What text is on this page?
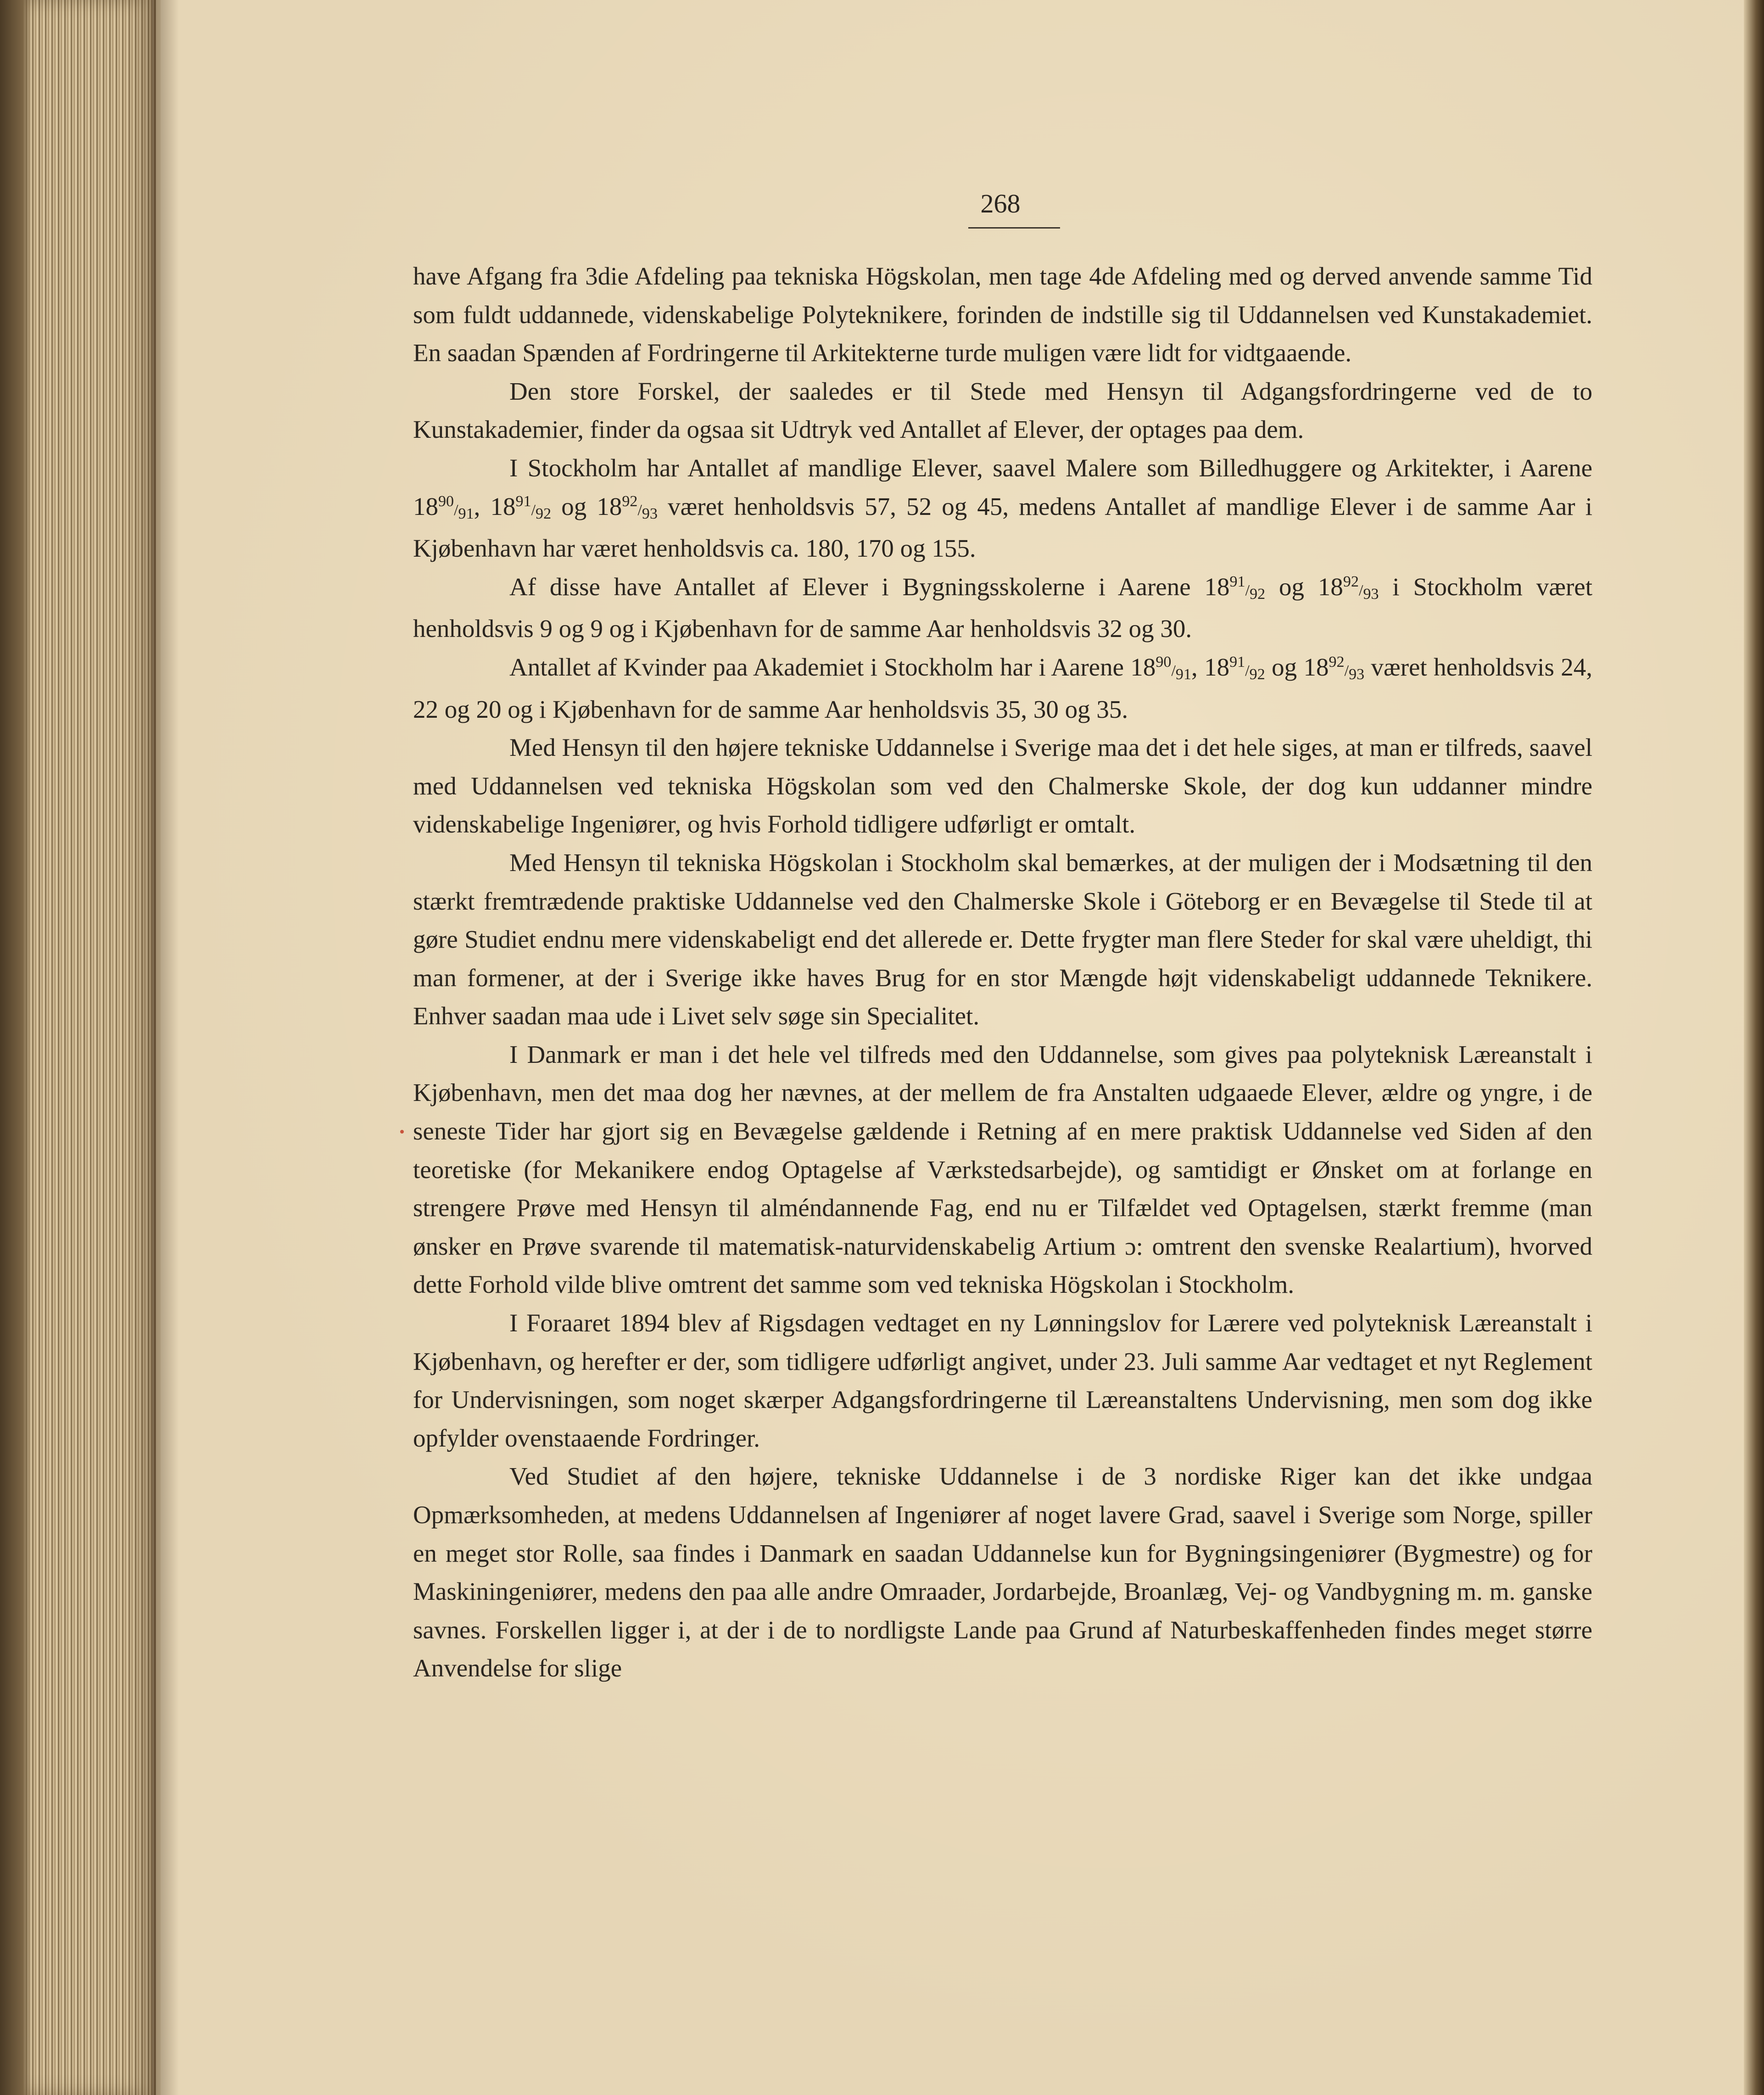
268

have Afgang fra 3die Afdeling paa tekniska Högskolan, men tage 4de Afdeling med og derved anvende samme Tid som fuldt uddannede, videnskabelige Polyteknikere, forinden de indstille sig til Uddannelsen ved Kunstakademiet. En saadan Spænden af Fordringerne til Arkitekterne turde muligen være lidt for vidtgaaende.

Den store Forskel, der saaledes er til Stede med Hensyn til Adgangsfordringerne ved de to Kunstakademier, finder da ogsaa sit Udtryk ved Antallet af Elever, der optages paa dem.

I Stockholm har Antallet af mandlige Elever, saavel Malere som Billedhuggere og Arkitekter, i Aarene 1890/91, 1891/92 og 1892/93 været henholdsvis 57, 52 og 45, medens Antallet af mandlige Elever i de samme Aar i Kjøbenhavn har været henholdsvis ca. 180, 170 og 155.

Af disse have Antallet af Elever i Bygningsskolerne i Aarene 1891/92 og 1892/93 i Stockholm været henholdsvis 9 og 9 og i Kjøbenhavn for de samme Aar henholdsvis 32 og 30.

Antallet af Kvinder paa Akademiet i Stockholm har i Aarene 1890/91, 1891/92 og 1892/93 været henholdsvis 24, 22 og 20 og i Kjøbenhavn for de samme Aar henholdsvis 35, 30 og 35.

Med Hensyn til den højere tekniske Uddannelse i Sverige maa det i det hele siges, at man er tilfreds, saavel med Uddannelsen ved tekniska Högskolan som ved den Chalmerske Skole, der dog kun uddanner mindre videnskabelige Ingeniører, og hvis Forhold tidligere udførligt er omtalt.

Med Hensyn til tekniska Högskolan i Stockholm skal bemærkes, at der muligen der i Modsætning til den stærkt fremtrædende praktiske Uddannelse ved den Chalmerske Skole i Göteborg er en Bevægelse til Stede til at gøre Studiet endnu mere videnskabeligt end det allerede er. Dette frygter man flere Steder for skal være uheldigt, thi man formener, at der i Sverige ikke haves Brug for en stor Mængde højt videnskabeligt uddannede Teknikere. Enhver saadan maa ude i Livet selv søge sin Specialitet.

I Danmark er man i det hele vel tilfreds med den Uddannelse, som gives paa polyteknisk Læreanstalt i Kjøbenhavn, men det maa dog her nævnes, at der mellem de fra Anstalten udgaaede Elever, ældre og yngre, i de seneste Tider har gjort sig en Bevægelse gældende i Retning af en mere praktisk Uddannelse ved Siden af den teoretiske (for Mekanikere endog Optagelse af Værkstedsarbejde), og samtidigt er Ønsket om at forlange en strengere Prøve med Hensyn til alméndannende Fag, end nu er Tilfældet ved Optagelsen, stærkt fremme (man ønsker en Prøve svarende til matematisk-naturvidenskabelig Artium ɔ: omtrent den svenske Realartium), hvorved dette Forhold vilde blive omtrent det samme som ved tekniska Högskolan i Stockholm.

I Foraaret 1894 blev af Rigsdagen vedtaget en ny Lønningslov for Lærere ved polyteknisk Læreanstalt i Kjøbenhavn, og herefter er der, som tidligere udførligt angivet, under 23. Juli samme Aar vedtaget et nyt Reglement for Undervisningen, som noget skærper Adgangsfordringerne til Læreanstaltens Undervisning, men som dog ikke opfylder ovenstaaende Fordringer.

Ved Studiet af den højere, tekniske Uddannelse i de 3 nordiske Riger kan det ikke undgaa Opmærksomheden, at medens Uddannelsen af Ingeniører af noget lavere Grad, saavel i Sverige som Norge, spiller en meget stor Rolle, saa findes i Danmark en saadan Uddannelse kun for Bygningsingeniører (Bygmestre) og for Maskiningeniører, medens den paa alle andre Omraader, Jordarbejde, Broanlæg, Vej- og Vandbygning m. m. ganske savnes. Forskellen ligger i, at der i de to nordligste Lande paa Grund af Naturbeskaffenheden findes meget større Anvendelse for slige
